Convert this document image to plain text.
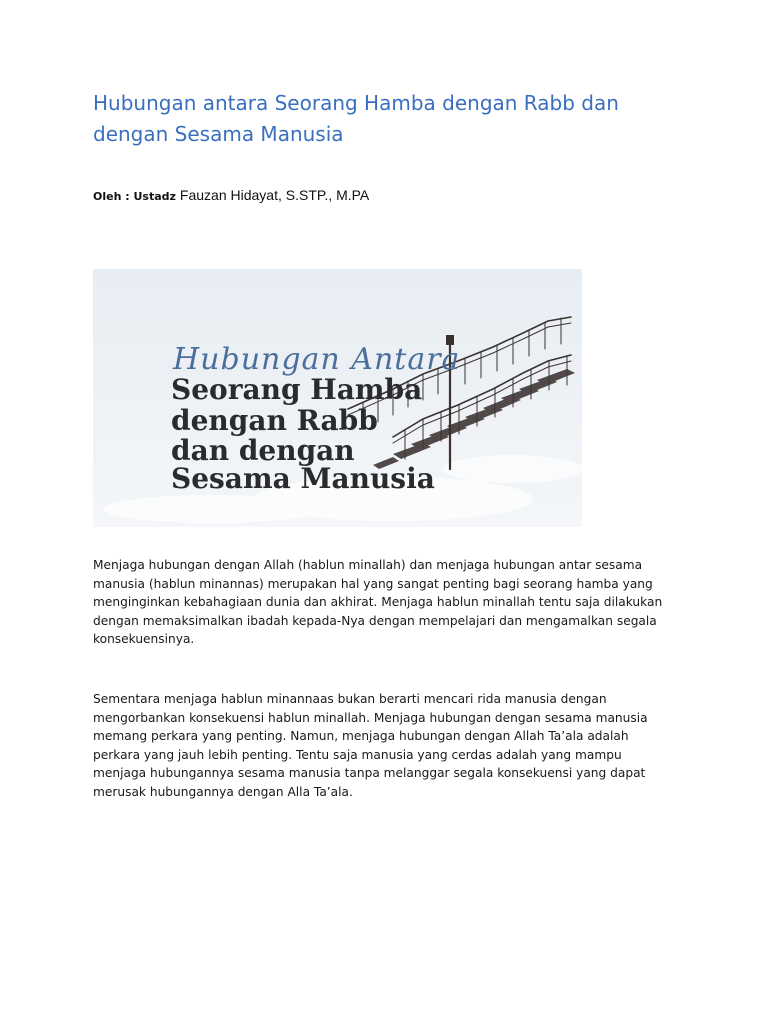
Hubungan antara Seorang Hamba dengan Rabb dan dengan Sesama Manusia
Oleh : Ustadz Fauzan Hidayat, S.STP., M.PA
Hubungan Antara
Seorang Hamba
dengan Rabb
dan dengan
Sesama Manusia

Menjaga hubungan dengan Allah (hablun minallah) dan menjaga hubungan antar sesama manusia (hablun minannas) merupakan hal yang sangat penting bagi seorang hamba yang menginginkan kebahagiaan dunia dan akhirat. Menjaga hablun minallah tentu saja dilakukan dengan memaksimalkan ibadah kepada-Nya dengan mempelajari dan mengamalkan segala konsekuensinya.

Sementara menjaga hablun minannaas bukan berarti mencari rida manusia dengan mengorbankan konsekuensi hablun minallah. Menjaga hubungan dengan sesama manusia memang perkara yang penting. Namun, menjaga hubungan dengan Allah Ta’ala adalah perkara yang jauh lebih penting. Tentu saja manusia yang cerdas adalah yang mampu menjaga hubungannya sesama manusia tanpa melanggar segala konsekuensi yang dapat merusak hubungannya dengan Alla Ta’ala.
